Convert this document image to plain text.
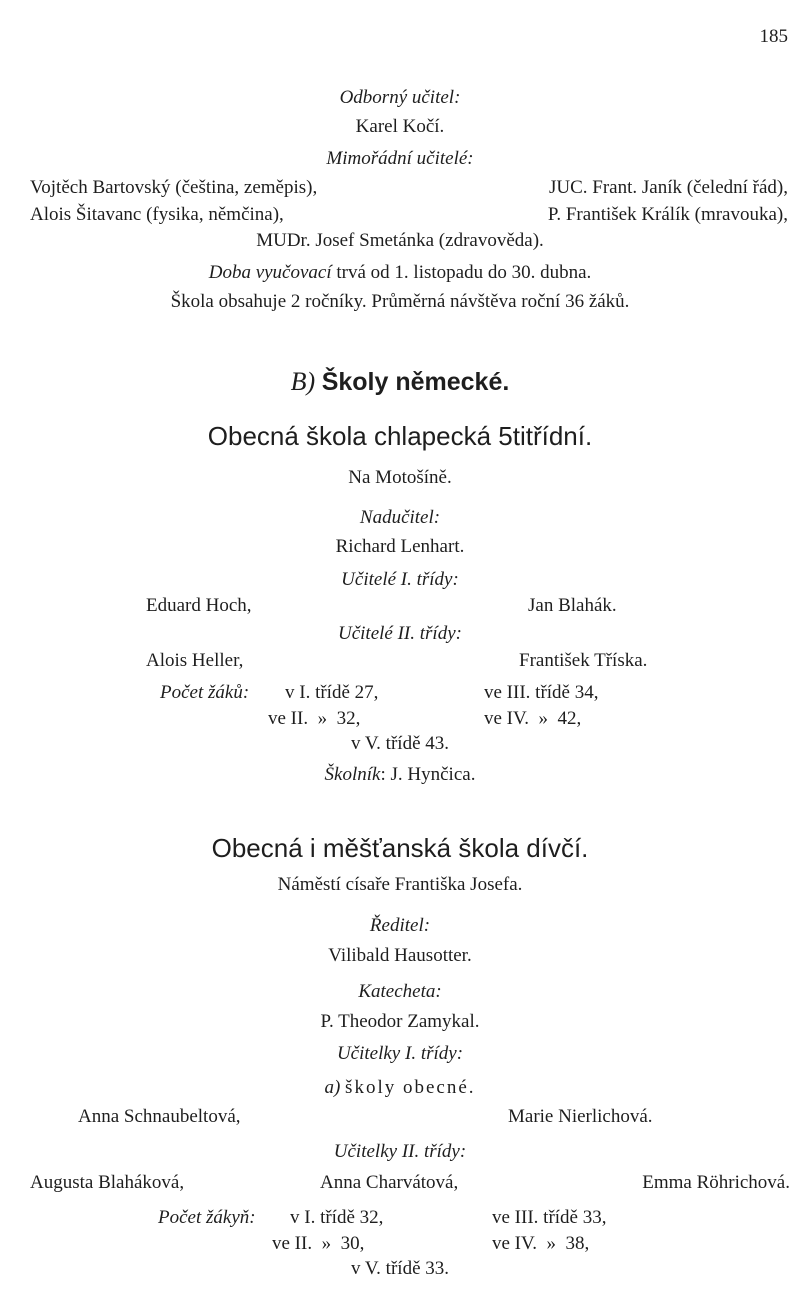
185
Odborný učitel:
Karel Kočí.
Mimořádní učitelé:
Vojtěch Bartovský (čeština, zeměpis),	JUC. Frant. Janík (čelední řád),
Alois Šitavanc (fysika, němčina),	P. František Králík (mravouka),
MUDr. Josef Smetánka (zdravověda).
Doba vyučovací trvá od 1. listopadu do 30. dubna.
Škola obsahuje 2 ročníky. Průměrná návštěva roční 36 žáků.
B) Školy německé.
Obecná škola chlapecká 5titřídní.
Na Motošíně.
Nadučitel:
Richard Lenhart.
Učitelé I. třídy:
Eduard Hoch,	Jan Blahák.
Učitelé II. třídy:
Alois Heller,	František Tříska.
Počet žáků: v I. třídě 27,	ve III. třídě 34,
ve II.  »  32,	ve IV.  »  42,
v V. třídě 43.
Školník: J. Hynčica.
Obecná i měšťanská škola dívčí.
Náměstí císaře Františka Josefa.
Ředitel:
Vilibald Hausotter.
Katecheta:
P. Theodor Zamykal.
Učitelky I. třídy:
a) školy obecné.
Anna Schnaubeltová,	Marie Nierlichová.
Učitelky II. třídy:
Augusta Blaháková,	Anna Charvátová,	Emma Röhrichová.
Počet žákyň: v I. třídě 32,	ve III. třídě 33,
ve II.  »  30,	ve IV.  »  38,
v V. třídě 33.
